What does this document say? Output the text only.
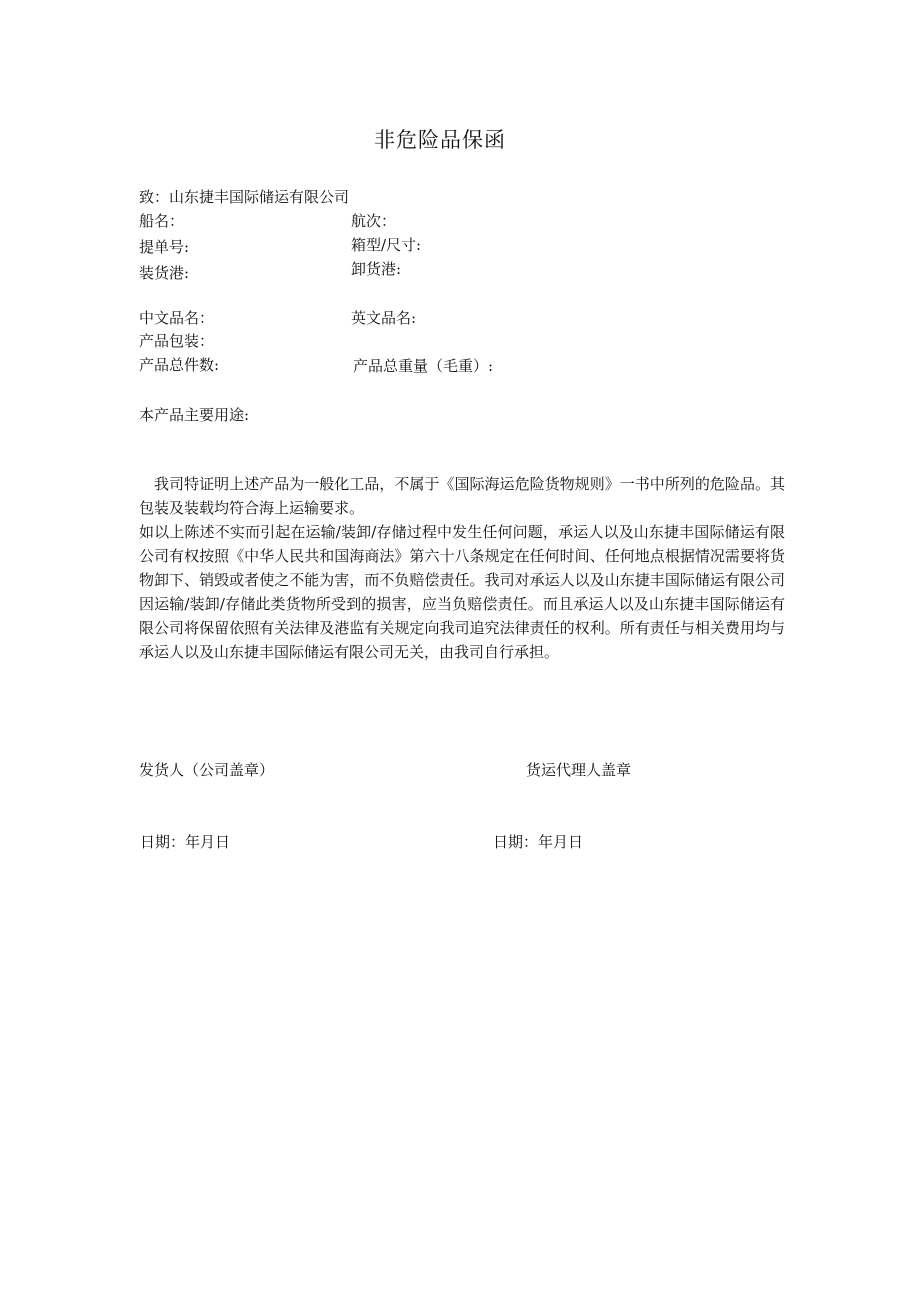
非危险品保函
致：山东捷丰国际储运有限公司
船名：	航次：
提单号:	箱型/尺寸:
装货港:	卸货港:
中文品名：	英文品名:
产品包装：
产品总件数:	产品总重量（毛重）:
本产品主要用途:
我司特证明上述产品为一般化工品，不属于《国际海运危险货物规则》一书中所列的危险品。其包装及装载均符合海上运输要求。
如以上陈述不实而引起在运输/装卸/存储过程中发生任何问题，承运人以及山东捷丰国际储运有限公司有权按照《中华人民共和国海商法》第六十八条规定在任何时间、任何地点根据情况需要将货物卸下、销毁或者使之不能为害，而不负赔偿责任。我司对承运人以及山东捷丰国际储运有限公司因运输/装卸/存储此类货物所受到的损害，应当负赔偿责任。而且承运人以及山东捷丰国际储运有限公司将保留依照有关法律及港监有关规定向我司追究法律责任的权利。所有责任与相关费用均与承运人以及山东捷丰国际储运有限公司无关，由我司自行承担。
发货人（公司盖章）	货运代理人盖章
日期：年月日	日期：年月日
